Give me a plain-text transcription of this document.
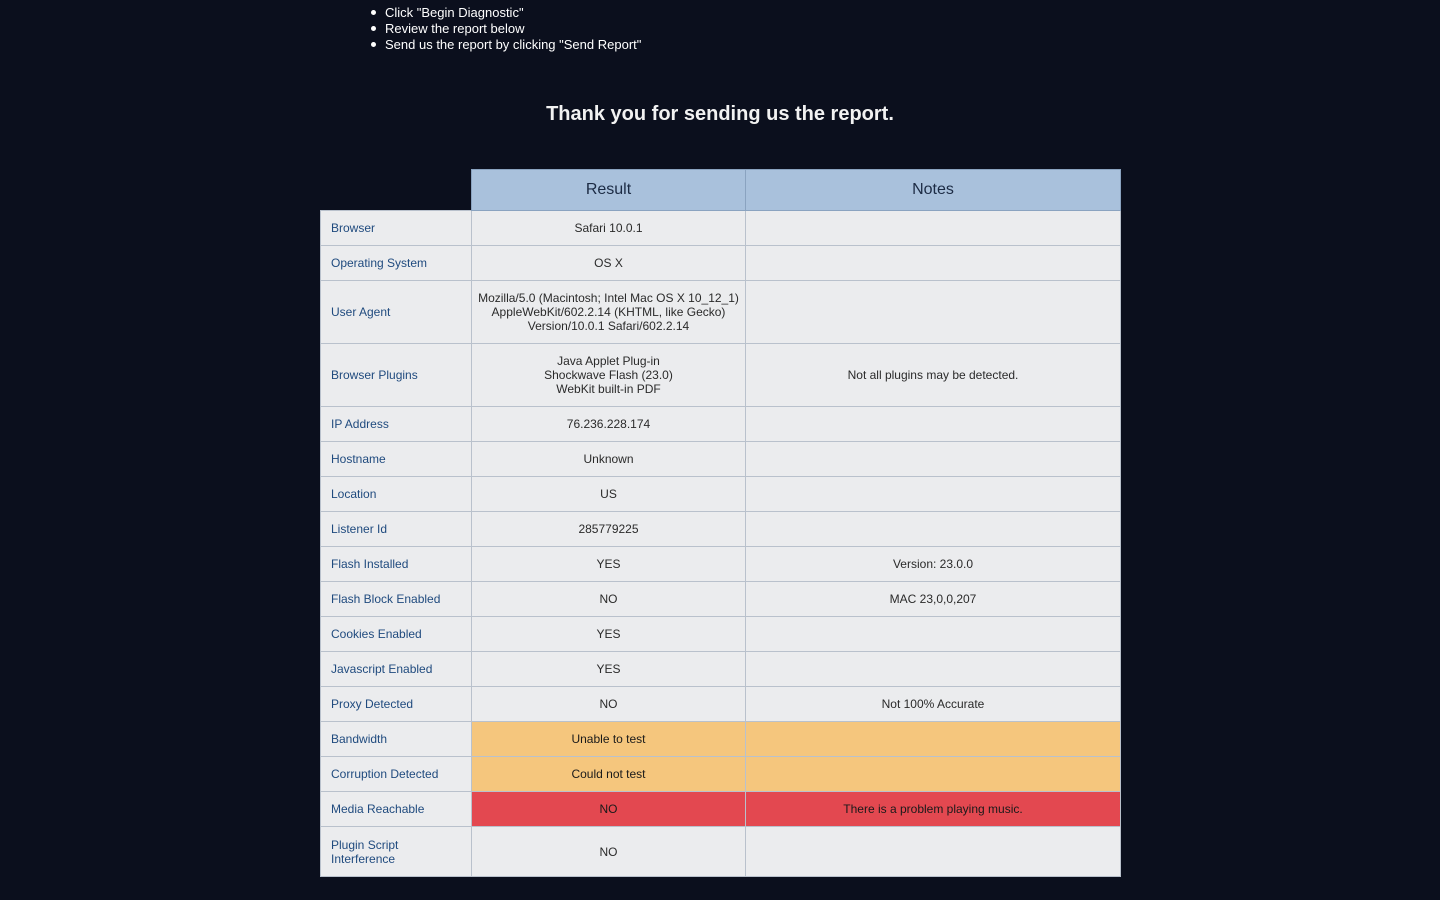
Click "Begin Diagnostic"
Review the report below
Send us the report by clicking "Send Report"
Thank you for sending us the report.
	Result	Notes
Browser	Safari 10.0.1	
Operating System	OS X	
User Agent	Mozilla/5.0 (Macintosh; Intel Mac OS X 10_12_1)
AppleWebKit/602.2.14 (KHTML, like Gecko)
Version/10.0.1 Safari/602.2.14	
Browser Plugins	Java Applet Plug-in
Shockwave Flash (23.0)
WebKit built-in PDF	Not all plugins may be detected.
IP Address	76.236.228.174	
Hostname	Unknown	
Location	US	
Listener Id	285779225	
Flash Installed	YES	Version: 23.0.0
Flash Block Enabled	NO	MAC 23,0,0,207
Cookies Enabled	YES	
Javascript Enabled	YES	
Proxy Detected	NO	Not 100% Accurate
Bandwidth	Unable to test	
Corruption Detected	Could not test	
Media Reachable	NO	There is a problem playing music.
Plugin Script Interference	NO	
